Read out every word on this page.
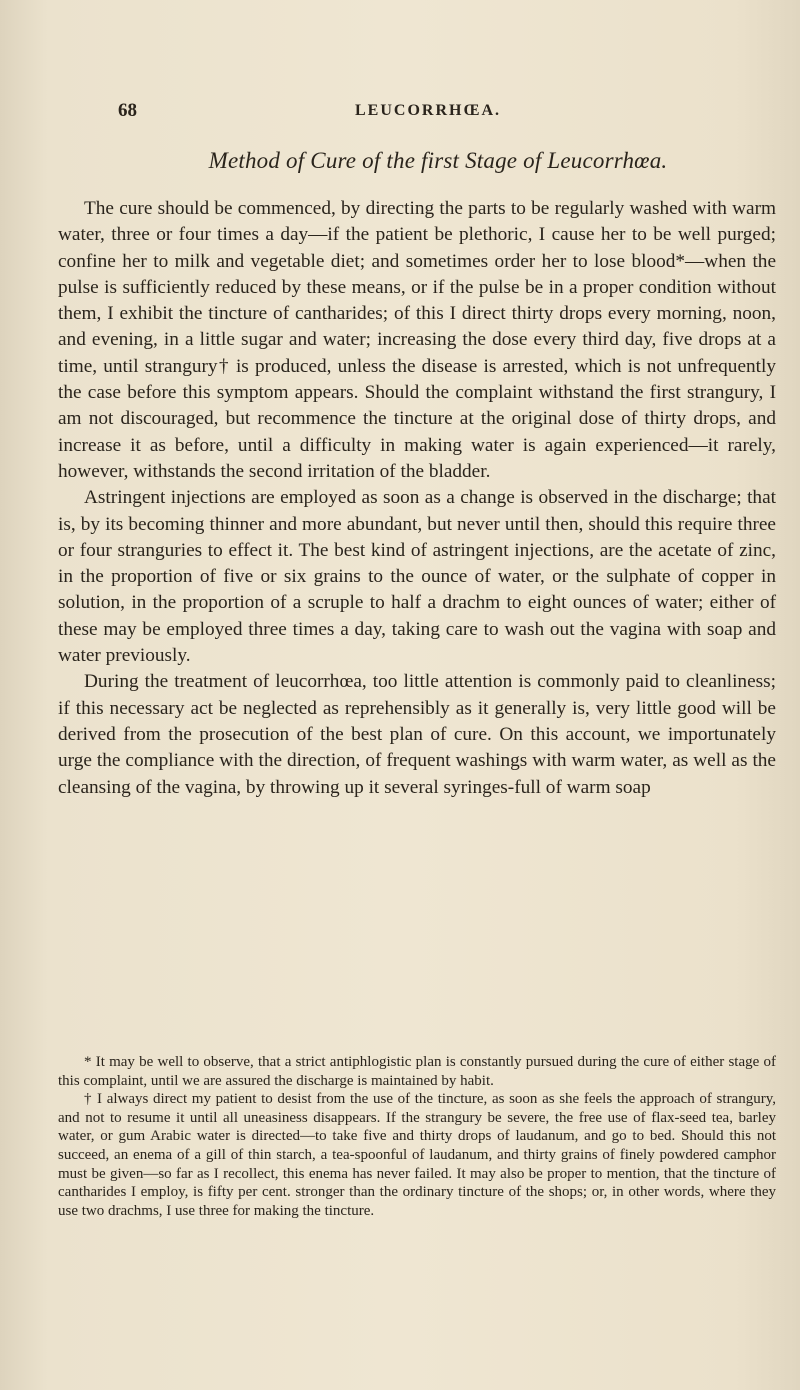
68	LEUCORRHŒA.
Method of Cure of the first Stage of Leucorrhœa.

The cure should be commenced, by directing the parts to be regularly washed with warm water, three or four times a day—if the patient be plethoric, I cause her to be well purged; confine her to milk and vegetable diet; and sometimes order her to lose blood*—when the pulse is sufficiently reduced by these means, or if the pulse be in a proper condition without them, I exhibit the tincture of cantharides; of this I direct thirty drops every morning, noon, and evening, in a little sugar and water; increasing the dose every third day, five drops at a time, until strangury† is produced, unless the disease is arrested, which is not unfrequently the case before this symptom appears. Should the complaint withstand the first strangury, I am not discouraged, but recommence the tincture at the original dose of thirty drops, and increase it as before, until a difficulty in making water is again experienced—it rarely, however, withstands the second irritation of the bladder.

Astringent injections are employed as soon as a change is observed in the discharge; that is, by its becoming thinner and more abundant, but never until then, should this require three or four stranguries to effect it. The best kind of astringent injections, are the acetate of zinc, in the proportion of five or six grains to the ounce of water, or the sulphate of copper in solution, in the proportion of a scruple to half a drachm to eight ounces of water; either of these may be employed three times a day, taking care to wash out the vagina with soap and water previously.

During the treatment of leucorrhœa, too little attention is commonly paid to cleanliness; if this necessary act be neglected as reprehensibly as it generally is, very little good will be derived from the prosecution of the best plan of cure. On this account, we importunately urge the compliance with the direction, of frequent washings with warm water, as well as the cleansing of the vagina, by throwing up it several syringes-full of warm soap

* It may be well to observe, that a strict antiphlogistic plan is constantly pursued during the cure of either stage of this complaint, until we are assured the discharge is maintained by habit.

† I always direct my patient to desist from the use of the tincture, as soon as she feels the approach of strangury, and not to resume it until all uneasiness disappears. If the strangury be severe, the free use of flax-seed tea, barley water, or gum Arabic water is directed—to take five and thirty drops of laudanum, and go to bed. Should this not succeed, an enema of a gill of thin starch, a tea-spoonful of laudanum, and thirty grains of finely powdered camphor must be given—so far as I recollect, this enema has never failed. It may also be proper to mention, that the tincture of cantharides I employ, is fifty per cent. stronger than the ordinary tincture of the shops; or, in other words, where they use two drachms, I use three for making the tincture.
